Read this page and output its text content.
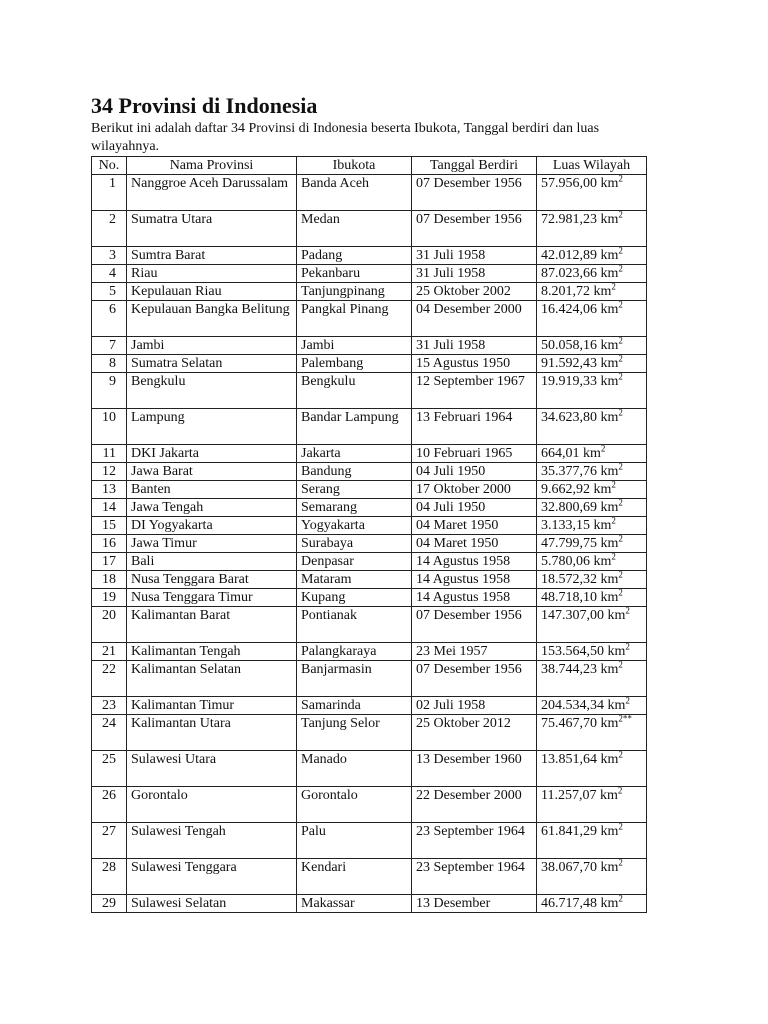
34 Provinsi di Indonesia

Berikut ini adalah daftar 34 Provinsi di Indonesia beserta Ibukota, Tanggal berdiri dan luas wilayahnya.

No.	Nama Provinsi	Ibukota	Tanggal Berdiri	Luas Wilayah
1	Nanggroe Aceh Darussalam	Banda Aceh	07 Desember 1956	57.956,00 $km^2$
2	Sumatra Utara	Medan	07 Desember 1956	72.981,23 $km^2$
3	Sumtra Barat	Padang	31 Juli 1958	42.012,89 $km^2$
4	Riau	Pekanbaru	31 Juli 1958	87.023,66 $km^2$
5	Kepulauan Riau	Tanjungpinang	25 Oktober 2002	8.201,72 $km^2$
6	Kepulauan Bangka Belitung	Pangkal Pinang	04 Desember 2000	16.424,06 $km^2$
7	Jambi	Jambi	31 Juli 1958	50.058,16 $km^2$
8	Sumatra Selatan	Palembang	15 Agustus 1950	91.592,43 $km^2$
9	Bengkulu	Bengkulu	12 September 1967	19.919,33 $km^2$
10	Lampung	Bandar Lampung	13 Februari 1964	34.623,80 $km^2$
11	DKI Jakarta	Jakarta	10 Februari 1965	664,01 $km^2$
12	Jawa Barat	Bandung	04 Juli 1950	35.377,76 $km^2$
13	Banten	Serang	17 Oktober 2000	9.662,92 $km^2$
14	Jawa Tengah	Semarang	04 Juli 1950	32.800,69 $km^2$
15	DI Yogyakarta	Yogyakarta	04 Maret 1950	3.133,15 $km^2$
16	Jawa Timur	Surabaya	04 Maret 1950	47.799,75 $km^2$
17	Bali	Denpasar	14 Agustus 1958	5.780,06 $km^2$
18	Nusa Tenggara Barat	Mataram	14 Agustus 1958	18.572,32 $km^2$
19	Nusa Tenggara Timur	Kupang	14 Agustus 1958	48.718,10 $km^2$
20	Kalimantan Barat	Pontianak	07 Desember 1956	147.307,00 $km^2$
21	Kalimantan Tengah	Palangkaraya	23 Mei 1957	153.564,50 $km^2$
22	Kalimantan Selatan	Banjarmasin	07 Desember 1956	38.744,23 $km^2$
23	Kalimantan Timur	Samarinda	02 Juli 1958	204.534,34 $km^2$
24	Kalimantan Utara	Tanjung Selor	25 Oktober 2012	75.467,70 $km^{2**}$
25	Sulawesi Utara	Manado	13 Desember 1960	13.851,64 $km^2$
26	Gorontalo	Gorontalo	22 Desember 2000	11.257,07 $km^2$
27	Sulawesi Tengah	Palu	23 September 1964	61.841,29 $km^2$
28	Sulawesi Tenggara	Kendari	23 September 1964	38.067,70 $km^2$
29	Sulawesi Selatan	Makassar	13 Desember	46.717,48 $km^2$
